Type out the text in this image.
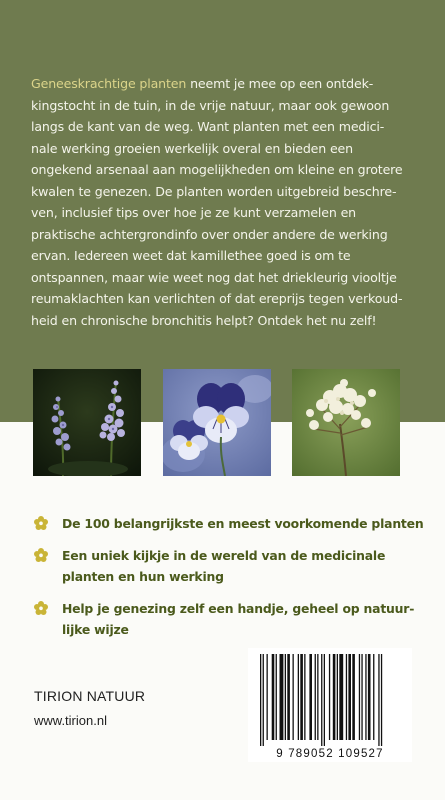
Geneeskrachtige planten neemt je mee op een ontdek-
kingstocht in de tuin, in de vrije natuur, maar ook gewoon
langs de kant van de weg. Want planten met een medici-
nale werking groeien werkelijk overal en bieden een
ongekend arsenaal aan mogelijkheden om kleine en grotere
kwalen te genezen. De planten worden uitgebreid beschre-
ven, inclusief tips over hoe je ze kunt verzamelen en
praktische achtergrondinfo over onder andere de werking
ervan. Iedereen weet dat kamillethee goed is om te
ontspannen, maar wie weet nog dat het driekleurig viooltje
reumaklachten kan verlichten of dat ereprijs tegen verkoud-
heid en chronische bronchitis helpt? Ontdek het nu zelf!
De 100 belangrijkste en meest voorkomende planten
Een uniek kijkje in de wereld van de medicinale
planten en hun werking
Help je genezing zelf een handje, geheel op natuur-
lijke wijze
TIRION NATUUR
www.tirion.nl
9 789052 109527
